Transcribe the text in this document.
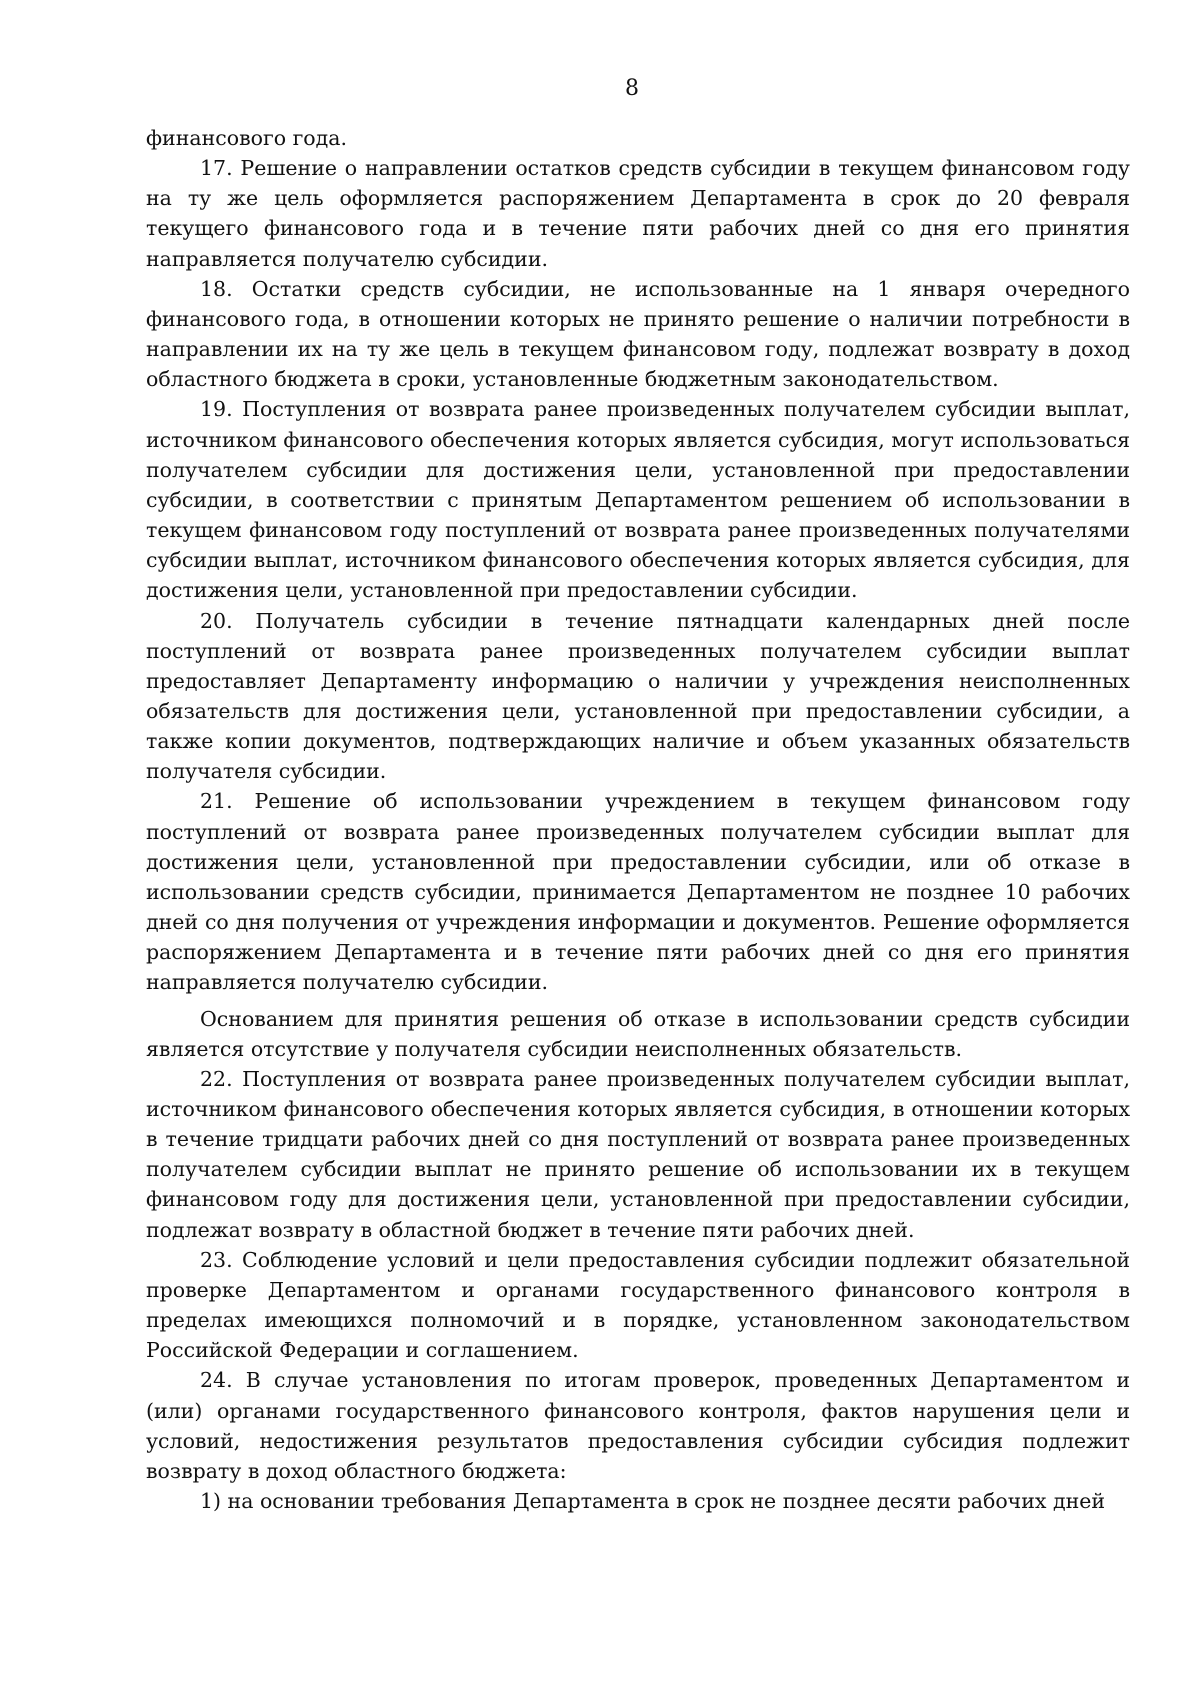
8

финансового года.

17. Решение о направлении остатков средств субсидии в текущем финансовом году на ту же цель оформляется распоряжением Департамента в срок до 20 февраля текущего финансового года и в течение пяти рабочих дней со дня его принятия направляется получателю субсидии.

18. Остатки средств субсидии, не использованные на 1 января очередного финансового года, в отношении которых не принято решение о наличии потребности в направлении их на ту же цель в текущем финансовом году, подлежат возврату в доход областного бюджета в сроки, установленные бюджетным законодательством.

19. Поступления от возврата ранее произведенных получателем субсидии выплат, источником финансового обеспечения которых является субсидия, могут использоваться получателем субсидии для достижения цели, установленной при предоставлении субсидии, в соответствии с принятым Департаментом решением об использовании в текущем финансовом году поступлений от возврата ранее произведенных получателями субсидии выплат, источником финансового обеспечения которых является субсидия, для достижения цели, установленной при предоставлении субсидии.

20. Получатель субсидии в течение пятнадцати календарных дней после поступлений от возврата ранее произведенных получателем субсидии выплат предоставляет Департаменту информацию о наличии у учреждения неисполненных обязательств для достижения цели, установленной при предоставлении субсидии, а также копии документов, подтверждающих наличие и объем указанных обязательств получателя субсидии.

21. Решение об использовании учреждением в текущем финансовом году поступлений от возврата ранее произведенных получателем субсидии выплат для достижения цели, установленной при предоставлении субсидии, или об отказе в использовании средств субсидии, принимается Департаментом не позднее 10 рабочих дней со дня получения от учреждения информации и документов. Решение оформляется распоряжением Департамента и в течение пяти рабочих дней со дня его принятия направляется получателю субсидии.

Основанием для принятия решения об отказе в использовании средств субсидии является отсутствие у получателя субсидии неисполненных обязательств.

22. Поступления от возврата ранее произведенных получателем субсидии выплат, источником финансового обеспечения которых является субсидия, в отношении которых в течение тридцати рабочих дней со дня поступлений от возврата ранее произведенных получателем субсидии выплат не принято решение об использовании их в текущем финансовом году для достижения цели, установленной при предоставлении субсидии, подлежат возврату в областной бюджет в течение пяти рабочих дней.

23. Соблюдение условий и цели предоставления субсидии подлежит обязательной проверке Департаментом и органами государственного финансового контроля в пределах имеющихся полномочий и в порядке, установленном законодательством Российской Федерации и соглашением.

24. В случае установления по итогам проверок, проведенных Департаментом и (или) органами государственного финансового контроля, фактов нарушения цели и условий, недостижения результатов предоставления субсидии субсидия подлежит возврату в доход областного бюджета:

1) на основании требования Департамента в срок не позднее десяти рабочих дней
